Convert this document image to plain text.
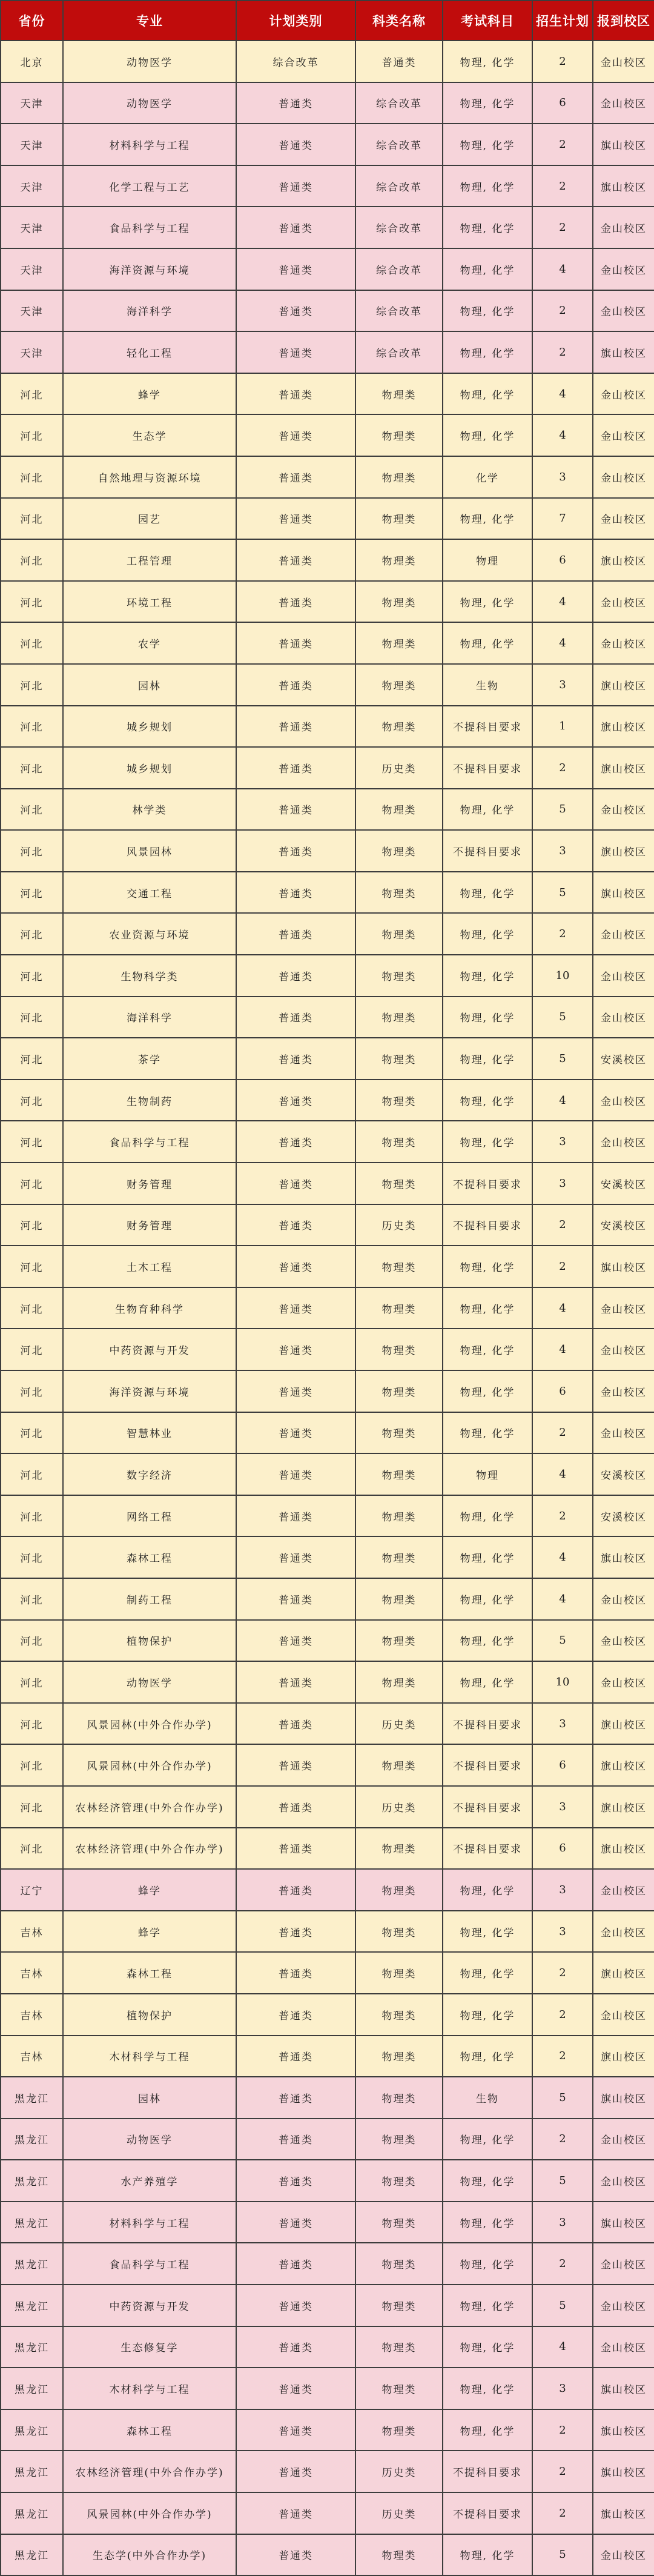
省份	专业	计划类别	科类名称	考试科目	招生计划	报到校区
北京	动物医学	综合改革	普通类	物理, 化学	2	金山校区
天津	动物医学	普通类	综合改革	物理, 化学	6	金山校区
天津	材料科学与工程	普通类	综合改革	物理, 化学	2	旗山校区
天津	化学工程与工艺	普通类	综合改革	物理, 化学	2	旗山校区
天津	食品科学与工程	普通类	综合改革	物理, 化学	2	金山校区
天津	海洋资源与环境	普通类	综合改革	物理, 化学	4	金山校区
天津	海洋科学	普通类	综合改革	物理, 化学	2	金山校区
天津	轻化工程	普通类	综合改革	物理, 化学	2	旗山校区
河北	蜂学	普通类	物理类	物理, 化学	4	金山校区
河北	生态学	普通类	物理类	物理, 化学	4	金山校区
河北	自然地理与资源环境	普通类	物理类	化学	3	金山校区
河北	园艺	普通类	物理类	物理, 化学	7	金山校区
河北	工程管理	普通类	物理类	物理	6	旗山校区
河北	环境工程	普通类	物理类	物理, 化学	4	金山校区
河北	农学	普通类	物理类	物理, 化学	4	金山校区
河北	园林	普通类	物理类	生物	3	旗山校区
河北	城乡规划	普通类	物理类	不提科目要求	1	旗山校区
河北	城乡规划	普通类	历史类	不提科目要求	2	旗山校区
河北	林学类	普通类	物理类	物理, 化学	5	金山校区
河北	风景园林	普通类	物理类	不提科目要求	3	旗山校区
河北	交通工程	普通类	物理类	物理, 化学	5	旗山校区
河北	农业资源与环境	普通类	物理类	物理, 化学	2	金山校区
河北	生物科学类	普通类	物理类	物理, 化学	10	金山校区
河北	海洋科学	普通类	物理类	物理, 化学	5	金山校区
河北	茶学	普通类	物理类	物理, 化学	5	安溪校区
河北	生物制药	普通类	物理类	物理, 化学	4	金山校区
河北	食品科学与工程	普通类	物理类	物理, 化学	3	金山校区
河北	财务管理	普通类	物理类	不提科目要求	3	安溪校区
河北	财务管理	普通类	历史类	不提科目要求	2	安溪校区
河北	土木工程	普通类	物理类	物理, 化学	2	旗山校区
河北	生物育种科学	普通类	物理类	物理, 化学	4	金山校区
河北	中药资源与开发	普通类	物理类	物理, 化学	4	金山校区
河北	海洋资源与环境	普通类	物理类	物理, 化学	6	金山校区
河北	智慧林业	普通类	物理类	物理, 化学	2	金山校区
河北	数字经济	普通类	物理类	物理	4	安溪校区
河北	网络工程	普通类	物理类	物理, 化学	2	安溪校区
河北	森林工程	普通类	物理类	物理, 化学	4	旗山校区
河北	制药工程	普通类	物理类	物理, 化学	4	金山校区
河北	植物保护	普通类	物理类	物理, 化学	5	金山校区
河北	动物医学	普通类	物理类	物理, 化学	10	金山校区
河北	风景园林(中外合作办学)	普通类	历史类	不提科目要求	3	旗山校区
河北	风景园林(中外合作办学)	普通类	物理类	不提科目要求	6	旗山校区
河北	农林经济管理(中外合作办学)	普通类	历史类	不提科目要求	3	旗山校区
河北	农林经济管理(中外合作办学)	普通类	物理类	不提科目要求	6	旗山校区
辽宁	蜂学	普通类	物理类	物理, 化学	3	金山校区
吉林	蜂学	普通类	物理类	物理, 化学	3	金山校区
吉林	森林工程	普通类	物理类	物理, 化学	2	旗山校区
吉林	植物保护	普通类	物理类	物理, 化学	2	金山校区
吉林	木材科学与工程	普通类	物理类	物理, 化学	2	旗山校区
黑龙江	园林	普通类	物理类	生物	5	旗山校区
黑龙江	动物医学	普通类	物理类	物理, 化学	2	金山校区
黑龙江	水产养殖学	普通类	物理类	物理, 化学	5	金山校区
黑龙江	材料科学与工程	普通类	物理类	物理, 化学	3	旗山校区
黑龙江	食品科学与工程	普通类	物理类	物理, 化学	2	金山校区
黑龙江	中药资源与开发	普通类	物理类	物理, 化学	5	金山校区
黑龙江	生态修复学	普通类	物理类	物理, 化学	4	金山校区
黑龙江	木材科学与工程	普通类	物理类	物理, 化学	3	旗山校区
黑龙江	森林工程	普通类	物理类	物理, 化学	2	旗山校区
黑龙江	农林经济管理(中外合作办学)	普通类	历史类	不提科目要求	2	旗山校区
黑龙江	风景园林(中外合作办学)	普通类	历史类	不提科目要求	2	旗山校区
黑龙江	生态学(中外合作办学)	普通类	物理类	物理, 化学	5	金山校区
